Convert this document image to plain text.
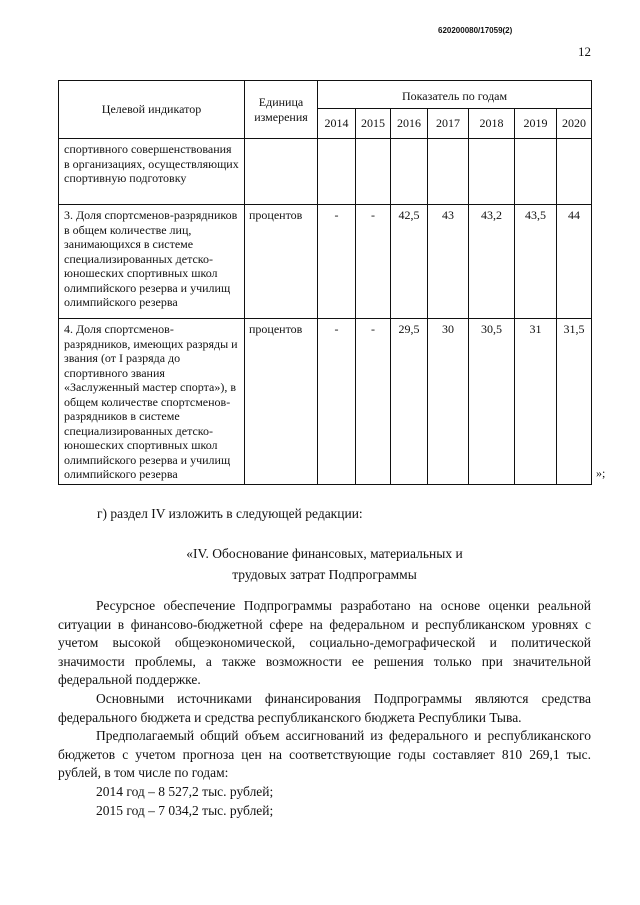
620200080/17059(2)
12
Целевой индикатор	Единица измерения	Показатель по годам						
		2014	2015	2016	2017	2018	2019	2020
спортивного совершенствования в организациях, осуществляющих спортивную подготовку								
3. Доля спортсменов-разрядников в общем количестве лиц, занимающихся в системе специализированных детско-юношеских спортивных школ олимпийского резерва и училищ олимпийского резерва	процентов	-	-	42,5	43	43,2	43,5	44
4. Доля спортсменов-разрядников, имеющих разряды и звания (от I разряда до спортивного звания «Заслуженный мастер спорта»), в общем количестве спортсменов-разрядников в системе специализированных детско-юношеских спортивных школ олимпийского резерва и училищ олимпийского резерва	процентов	-	-	29,5	30	30,5	31	31,5
»;
г) раздел IV изложить в следующей редакции:
«IV. Обоснование финансовых, материальных и
трудовых затрат Подпрограммы

Ресурсное обеспечение Подпрограммы разработано на основе оценки реальной ситуации в финансово-бюджетной сфере на федеральном и республиканском уровнях с учетом высокой общеэкономической, социально-демографической и политической значимости проблемы, а также возможности ее решения только при значительной федеральной поддержке.

Основными источниками финансирования Подпрограммы являются средства федерального бюджета и средства республиканского бюджета Республики Тыва.

Предполагаемый общий объем ассигнований из федерального и республиканского бюджетов с учетом прогноза цен на соответствующие годы составляет 810 269,1 тыс. рублей, в том числе по годам:

2014 год – 8 527,2 тыс. рублей;

2015 год – 7 034,2 тыс. рублей;
